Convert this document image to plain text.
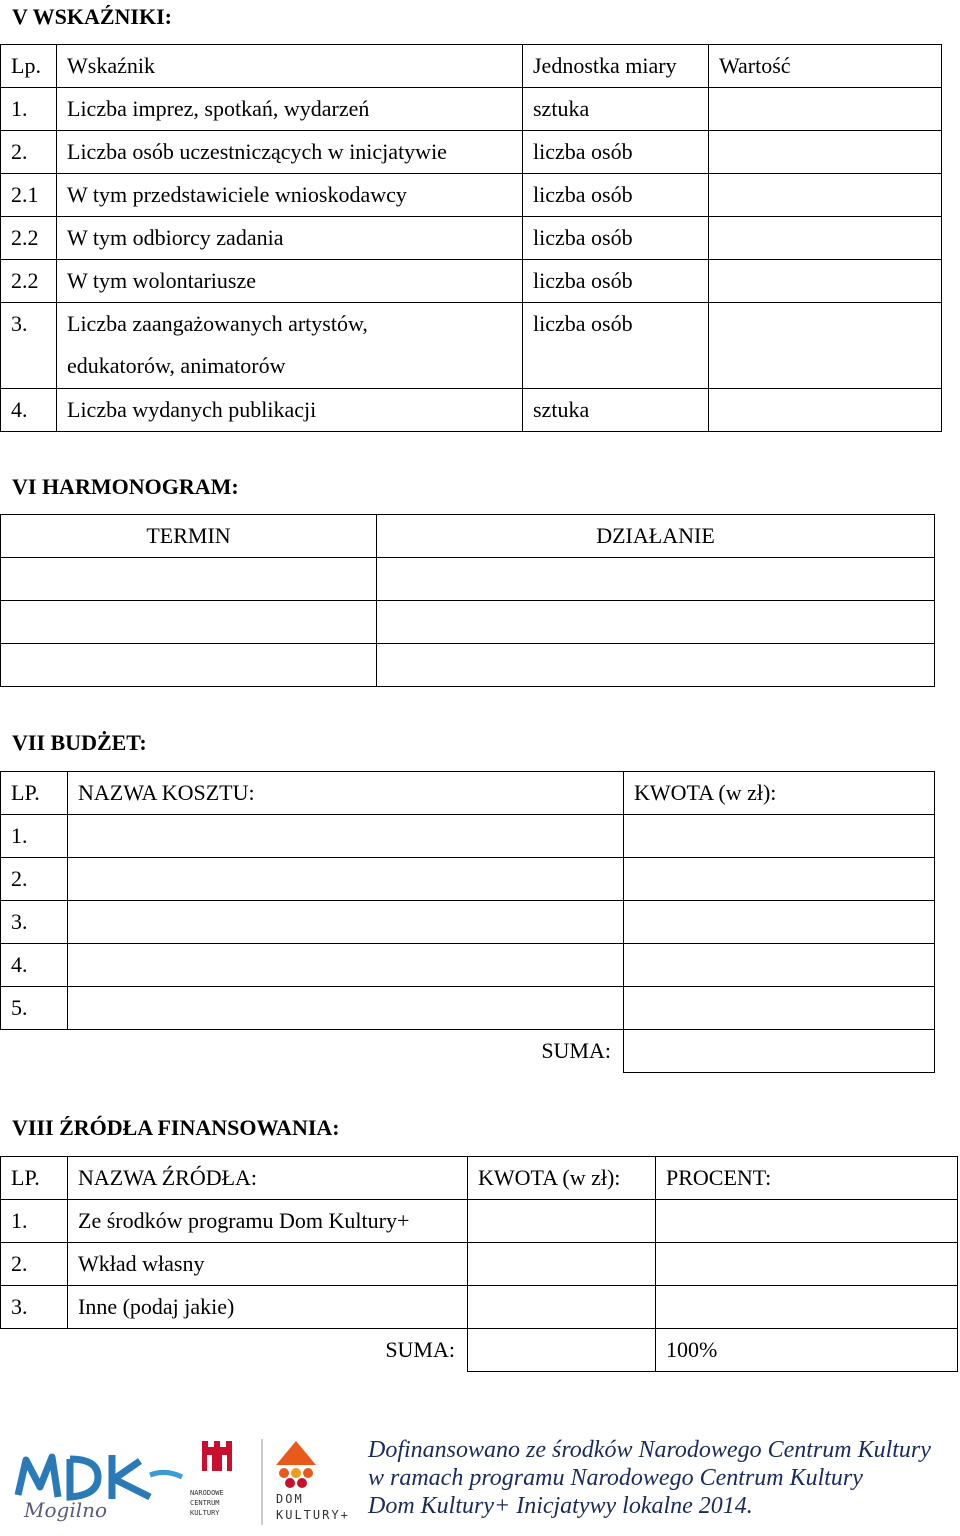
V WSKAŹNIKI:
Lp.	Wskaźnik	Jednostka miary	Wartość
1.	Liczba imprez, spotkań, wydarzeń	sztuka	
2.	Liczba osób uczestniczących w inicjatywie	liczba osób	
2.1	W tym przedstawiciele wnioskodawcy	liczba osób	
2.2	W tym odbiorcy zadania	liczba osób	
2.2	W tym wolontariusze	liczba osób	
3.	Liczba zaangażowanych artystów,
edukatorów, animatorów	liczba osób	
4.	Liczba wydanych publikacji	sztuka	
VI HARMONOGRAM:
TERMIN	DZIAŁANIE

VII BUDŻET:
LP.	NAZWA KOSZTU:	KWOTA (w zł):
1.		
2.		
3.		
4.		
5.		
	SUMA:	
VIII ŹRÓDŁA FINANSOWANIA:
LP.	NAZWA ŹRÓDŁA:	KWOTA (w zł):	PROCENT:
1.	Ze środków programu Dom Kultury+		
2.	Wkład własny		
3.	Inne (podaj jakie)		
	SUMA:		100%
Mogilno
NARODOWE
CENTRUM
KULTURY
DOM
KULTURY+
Dofinansowano ze środków Narodowego Centrum Kultury
w ramach programu Narodowego Centrum Kultury
Dom Kultury+ Inicjatywy lokalne 2014.
